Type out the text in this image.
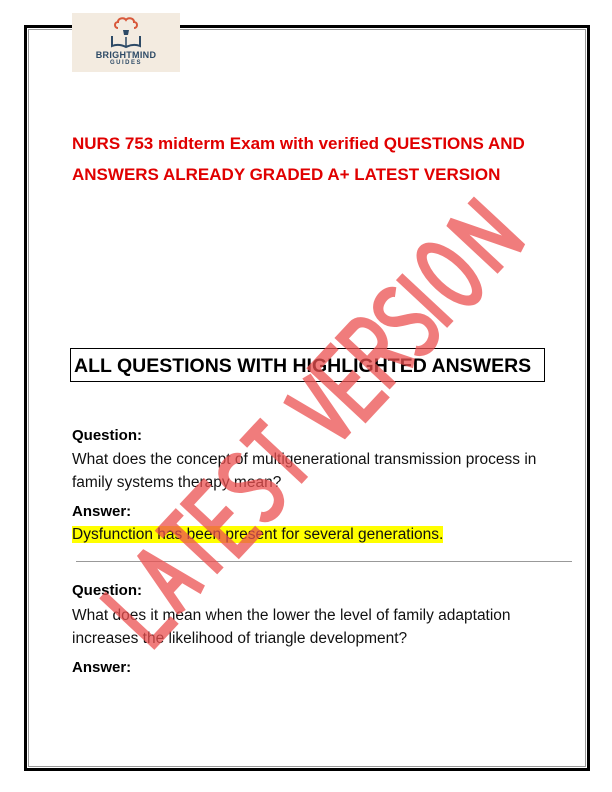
BRIGHTMIND
GUIDES
NURS 753 midterm Exam with verified QUESTIONS AND ANSWERS ALREADY GRADED A+ LATEST VERSION
ALL QUESTIONS WITH HIGHLIGHTED ANSWERS
Question:
What does the concept of multigenerational transmission process in family systems therapy mean?
Answer:
Dysfunction has been present for several generations.
Question:
What does it mean when the lower the level of family adaptation increases the likelihood of triangle development?
Answer:
